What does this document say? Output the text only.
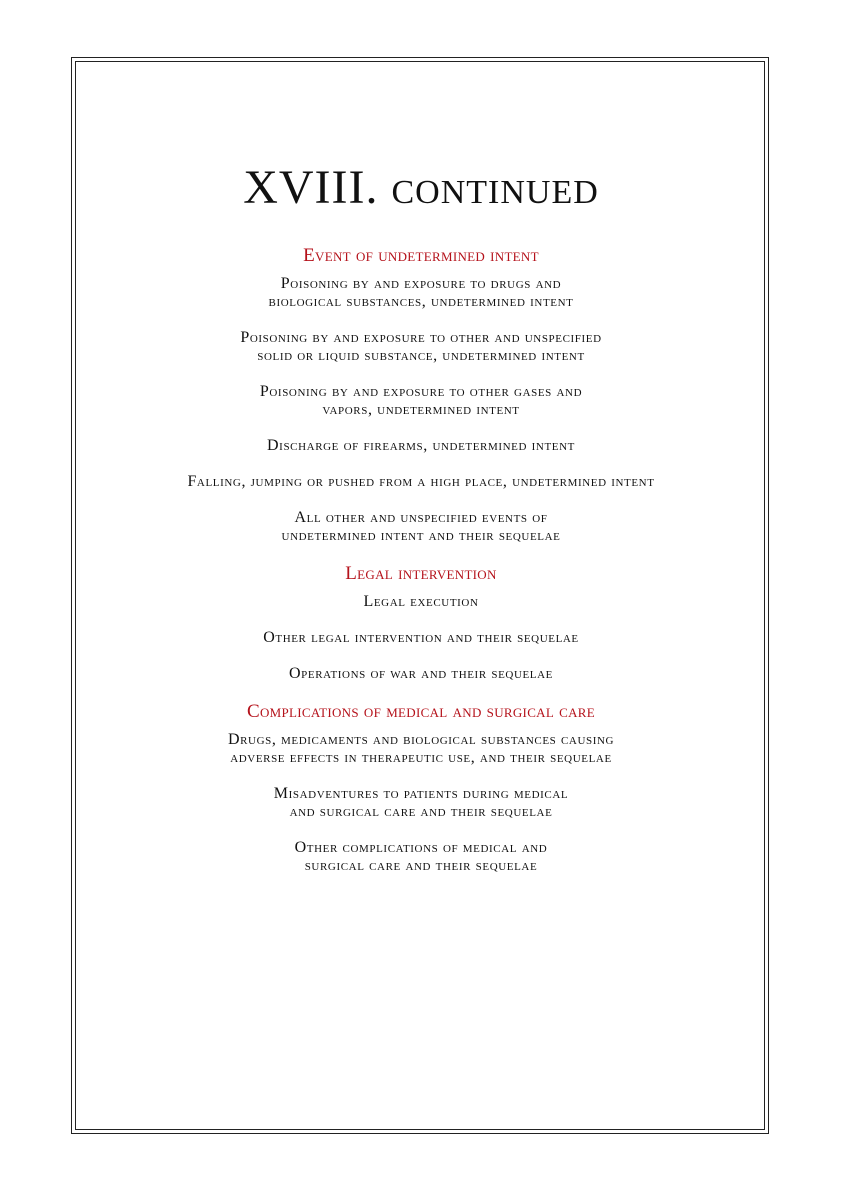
XVIII. continued
Event of undetermined intent
Poisoning by and exposure to drugs and
biological substances, undetermined intent
Poisoning by and exposure to other and unspecified
solid or liquid substance, undetermined intent
Poisoning by and exposure to other gases and
vapors, undetermined intent
Discharge of firearms, undetermined intent
Falling, jumping or pushed from a high place, undetermined intent
All other and unspecified events of
undetermined intent and their sequelae
Legal intervention
Legal execution
Other legal intervention and their sequelae
Operations of war and their sequelae
Complications of medical and surgical care
Drugs, medicaments and biological substances causing
adverse effects in therapeutic use, and their sequelae
Misadventures to patients during medical
and surgical care and their sequelae
Other complications of medical and
surgical care and their sequelae
